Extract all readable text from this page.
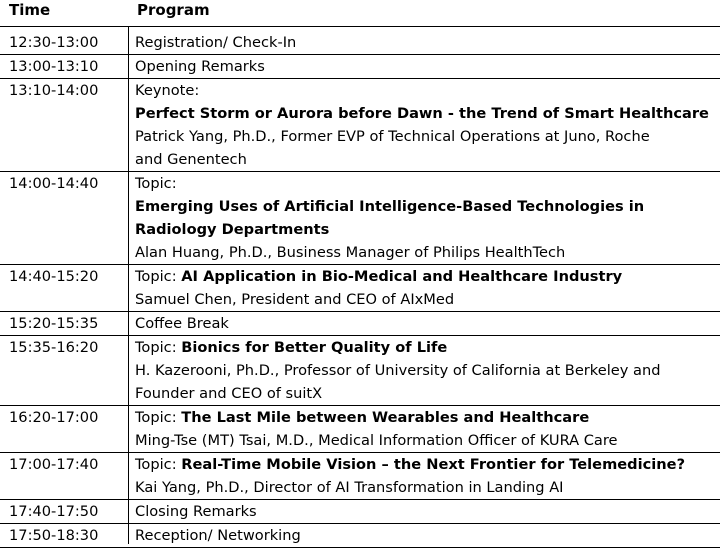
Time	Program
12:30-13:00	Registration/ Check-In
13:00-13:10	Opening Remarks
13:10-14:00	Keynote:
Perfect Storm or Aurora before Dawn - the Trend of Smart Healthcare
Patrick Yang, Ph.D., Former EVP of Technical Operations at Juno, Roche
and Genentech
14:00-14:40	Topic:
Emerging Uses of Artificial Intelligence-Based Technologies in
Radiology Departments
Alan Huang, Ph.D., Business Manager of Philips HealthTech
14:40-15:20	Topic: AI Application in Bio-Medical and Healthcare Industry
Samuel Chen, President and CEO of AIxMed
15:20-15:35	Coffee Break
15:35-16:20	Topic: Bionics for Better Quality of Life
H. Kazerooni, Ph.D., Professor of University of California at Berkeley and
Founder and CEO of suitX
16:20-17:00	Topic: The Last Mile between Wearables and Healthcare
Ming-Tse (MT) Tsai, M.D., Medical Information Officer of KURA Care
17:00-17:40	Topic: Real-Time Mobile Vision – the Next Frontier for Telemedicine?
Kai Yang, Ph.D., Director of AI Transformation in Landing AI
17:40-17:50	Closing Remarks
17:50-18:30	Reception/ Networking
